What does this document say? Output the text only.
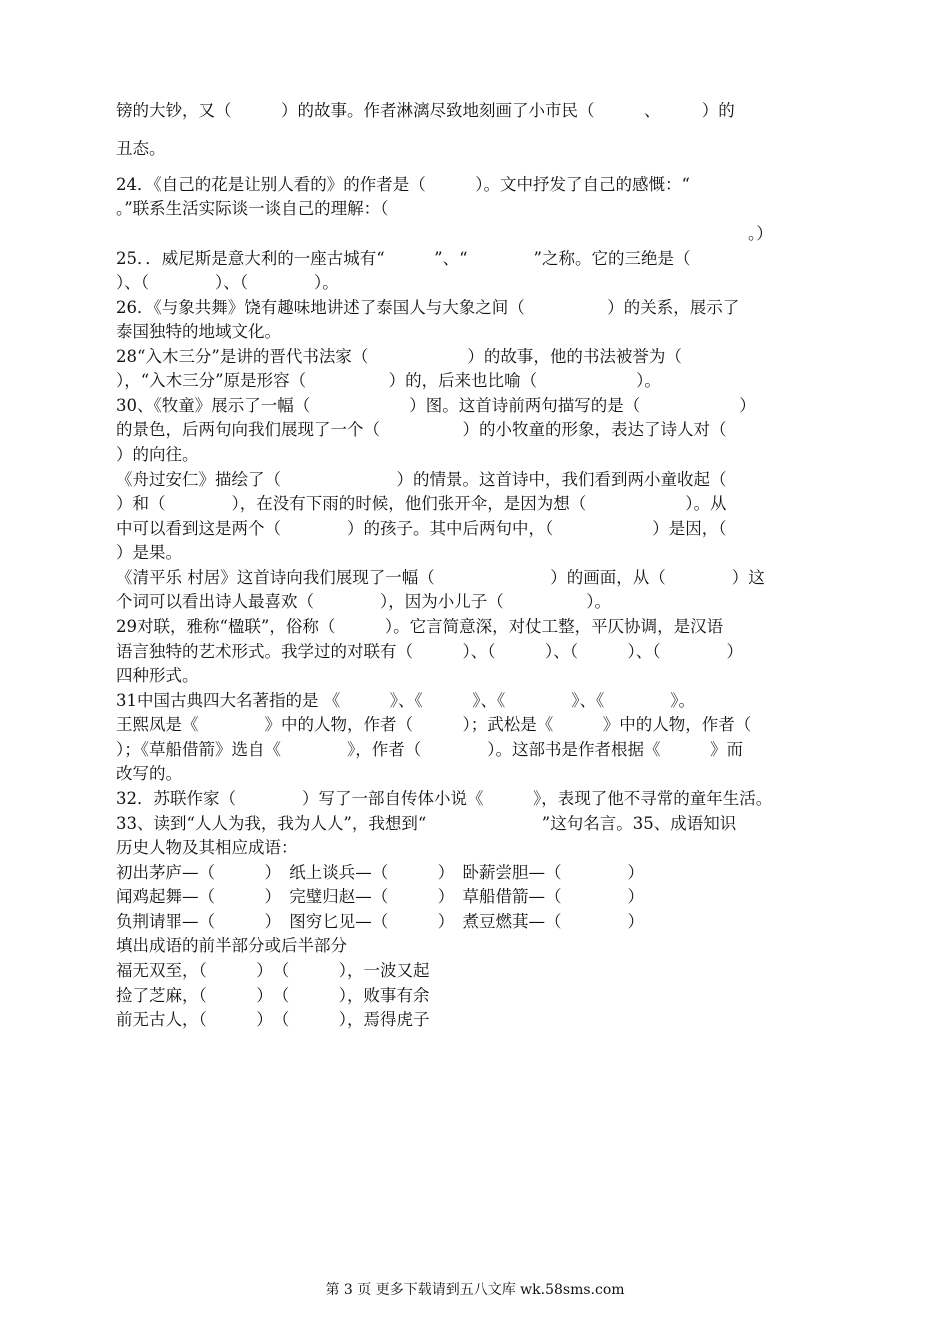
镑的大钞，又（　　　）的故事。作者淋漓尽致地刻画了小市民（　　　、　　　）的
丑态。
24．《自己的花是让别人看的》的作者是（　　　）。文中抒发了自己的感慨：“
。”联系生活实际谈一谈自己的理解：（
。）
25．．威尼斯是意大利的一座古城有“　　　”、“　　　　”之称。它的三绝是（
）、（　　　　）、（　　　　）。
26．《与象共舞》饶有趣味地讲述了泰国人与大象之间（　　　　　）的关系，展示了
泰国独特的地域文化。
28“入木三分”是讲的晋代书法家（　　　　　　）的故事，他的书法被誉为（
），“入木三分”原是形容（　　　　　）的，后来也比喻（　　　　　　）。
30、《牧童》展示了一幅（　　　　　　）图。这首诗前两句描写的是（　　　　　　）
的景色，后两句向我们展现了一个（　　　　　）的小牧童的形象，表达了诗人对（
）的向往。
《舟过安仁》描绘了（　　　　　　　）的情景。这首诗中，我们看到两小童收起（
）和（　　　　），在没有下雨的时候，他们张开伞，是因为想（　　　　　　）。从
中可以看到这是两个（　　　　）的孩子。其中后两句中，（　　　　　　）是因，（
）是果。
《清平乐 村居》这首诗向我们展现了一幅（　　　　　　　）的画面，从（　　　　）这
个词可以看出诗人最喜欢（　　　　），因为小儿子（　　　　　）。
29对联，雅称“楹联”，俗称（　　　）。它言简意深，对仗工整，平仄协调，是汉语
语言独特的艺术形式。我学过的对联有（　　　）、（　　　）、（　　　）、（　　　　）
四种形式。
31中国古典四大名著指的是 《　　　》、《　　　》、《　　　　》、《　　　　》。
王熙凤是《　　　　》中的人物，作者（　　　）；武松是《　　　》中的人物，作者（
）；《草船借箭》选自《　　　　》，作者（　　　　）。这部书是作者根据《　　　》而
改写的。
32．苏联作家（　　　　）写了一部自传体小说《　　　》，表现了他不寻常的童年生活。
33、读到“人人为我，我为人人”，我想到“　　　　　　　”这句名言。35、成语知识
历史人物及其相应成语：
初出茅庐—（　　　）　纸上谈兵—（　　　）　卧薪尝胆—（　　　　）
闻鸡起舞—（　　　）　完璧归赵—（　　　）　草船借箭—（　　　　）
负荆请罪—（　　　）　图穷匕见—（　　　）　煮豆燃萁—（　　　　）
填出成语的前半部分或后半部分
福无双至，（　　　）　（　　　），一波又起
捡了芝麻，（　　　）　（　　　），败事有余
前无古人，（　　　）　（　　　），焉得虎子
第 3 页 更多下载请到五八文库 wk.58sms.com
